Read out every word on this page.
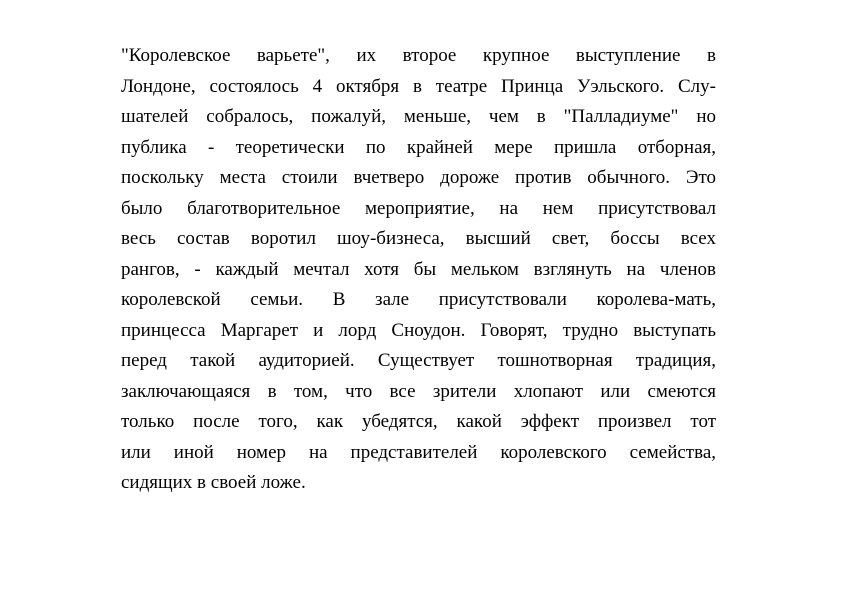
"Королевское варьете", их второе крупное выступление в
Лондоне, состоялось 4 октября в театре Принца Уэльского. Слу-
шателей собралось, пожалуй, меньше, чем в "Палладиуме" но
публика - теоретически по крайней мере пришла отборная,
поскольку места стоили вчетверо дороже против обычного. Это
было благотворительное мероприятие, на нем присутствовал
весь состав воротил шоу-бизнеса, высший свет, боссы всех
рангов, - каждый мечтал хотя бы мельком взглянуть на членов
королевской семьи. В зале присутствовали королева-мать,
принцесса Маргарет и лорд Сноудон. Говорят, трудно выступать
перед такой аудиторией. Существует тошнотворная традиция,
заключающаяся в том, что все зрители хлопают или смеются
только после того, как убедятся, какой эффект произвел тот
или иной номер на представителей королевского семейства,
сидящих в своей ложе.
